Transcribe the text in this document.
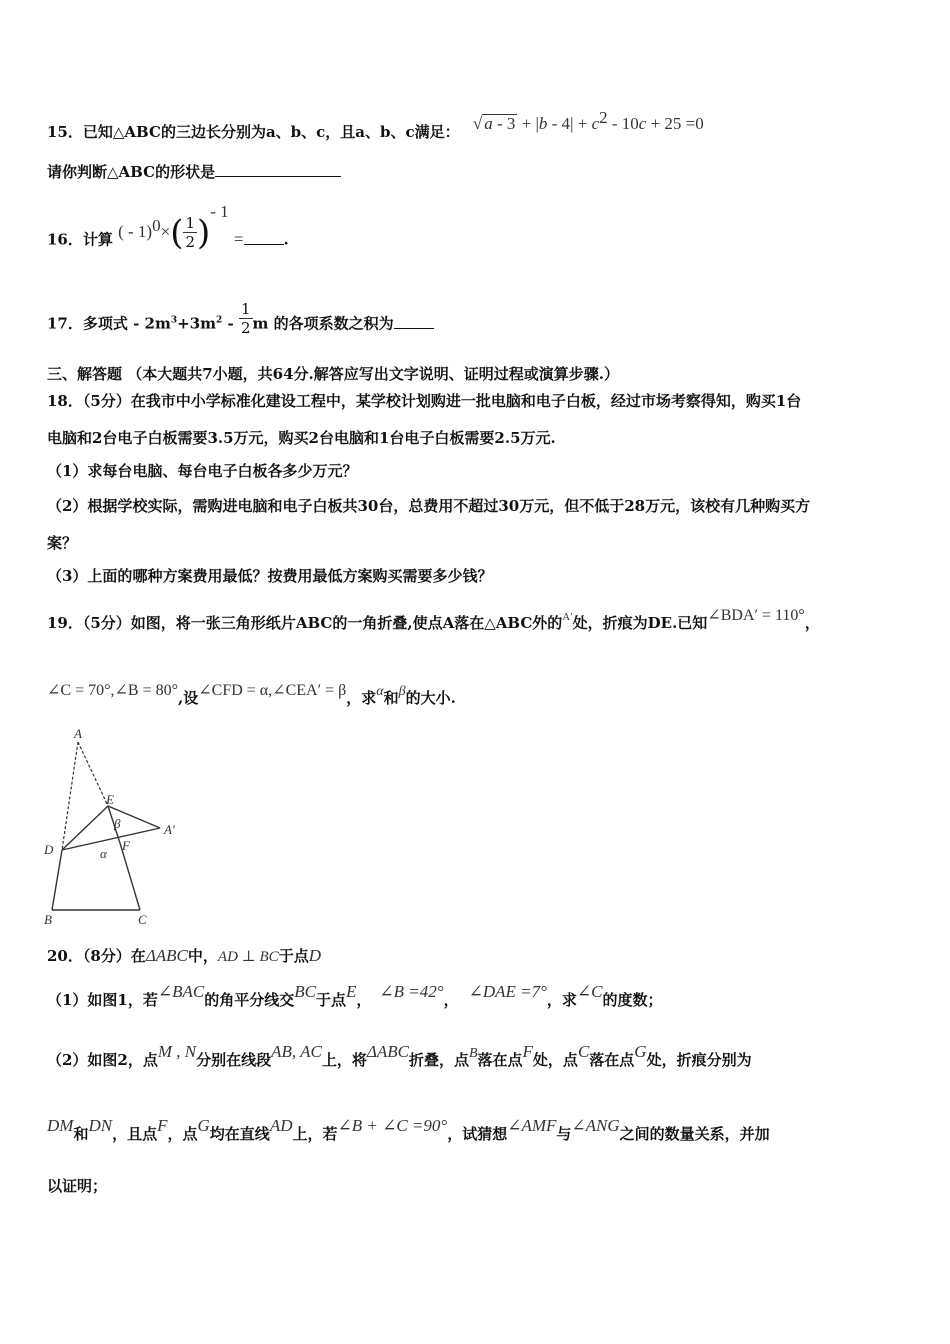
15．已知△ABC的三边长分别为a、b、c，且a、b、c满足： √ $a - 3 + |b - 4| + c^2 - 10c + 25 =0$
请你判断△ABC的形状是
16．计算 ( - $1)^0\times( \frac{1}{2} )^{- 1}$ =	.
17．多项式 - $2m^3+3m^2 - \frac{1}{2}$ m 的各项系数之积为
三、解答题 （本大题共7小题，共64分.解答应写出文字说明、证明过程或演算步骤.）
18．（5分）在我市中小学标准化建设工程中，某学校计划购进一批电脑和电子白板，经过市场考察得知，购买1台
电脑和2台电子白板需要3.5万元，购买2台电脑和1台电子白板需要2.5万元.
（1）求每台电脑、每台电子白板各多少万元？
（2）根据学校实际，需购进电脑和电子白板共30台，总费用不超过30万元，但不低于28万元，该校有几种购买方
案？
（3）上面的哪种方案费用最低？按费用最低方案购买需要多少钱？
19．（5分）如图，将一张三角形纸片ABC的一角折叠,使点A落在△ABC外的$^{A'}$处，折痕为DE.已知∠BDA′ = 110°，
∠C = 70°,∠B = 80°,设∠CFD = α,∠CEA′ = β，求α和β的大小.
A
E
A′
β
D	F
α
B	C
20．（8分）在ΔABC中，AD ⊥ BC于点D
（1）如图1，若∠BAC的角平分线交BC于点E， ∠B =42°， ∠DAE =7°，求∠C的度数；
（2）如图2，点M , N分别在线段AB, AC上，将ΔABC折叠，点B落在点F处，点C落在点G处，折痕分别为
DM和DN，且点F，点G均在直线AD上，若∠B + ∠C =90°，试猜想∠AMF与∠ANG之间的数量关系，并加
以证明；
